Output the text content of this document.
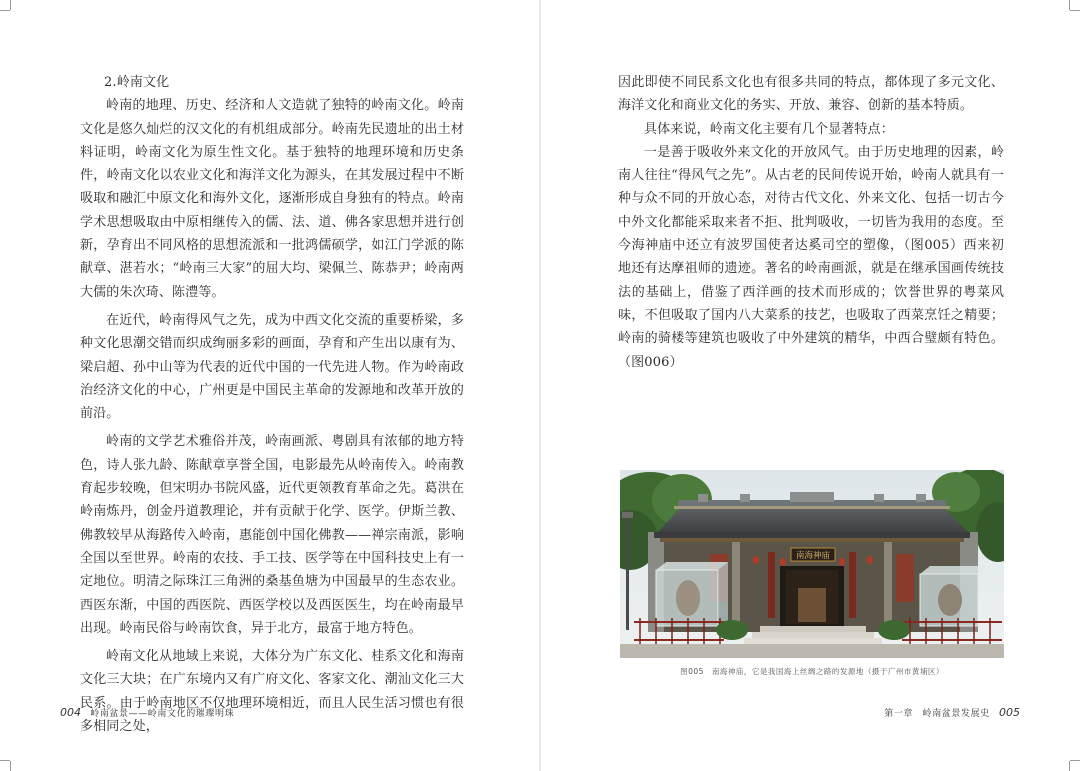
2.岭南文化

岭南的地理、历史、经济和人文造就了独特的岭南文化。岭南文化是悠久灿烂的汉文化的有机组成部分。岭南先民遗址的出土材料证明，岭南文化为原生性文化。基于独特的地理环境和历史条件，岭南文化以农业文化和海洋文化为源头，在其发展过程中不断吸取和融汇中原文化和海外文化，逐渐形成自身独有的特点。岭南学术思想吸取由中原相继传入的儒、法、道、佛各家思想并进行创新，孕育出不同风格的思想流派和一批鸿儒硕学，如江门学派的陈献章、湛若水；“岭南三大家”的屈大均、梁佩兰、陈恭尹；岭南两大儒的朱次琦、陈澧等。

在近代，岭南得风气之先，成为中西文化交流的重要桥梁，多种文化思潮交错而织成绚丽多彩的画面，孕育和产生出以康有为、梁启超、孙中山等为代表的近代中国的一代先进人物。作为岭南政治经济文化的中心，广州更是中国民主革命的发源地和改革开放的前沿。

岭南的文学艺术雅俗并茂，岭南画派、粤剧具有浓郁的地方特色，诗人张九龄、陈献章享誉全国，电影最先从岭南传入。岭南教育起步较晚，但宋明办书院风盛，近代更领教育革命之先。葛洪在岭南炼丹，创金丹道教理论，并有贡献于化学、医学。伊斯兰教、佛教较早从海路传入岭南，惠能创中国化佛教——禅宗南派，影响全国以至世界。岭南的农技、手工技、医学等在中国科技史上有一定地位。明清之际珠江三角洲的桑基鱼塘为中国最早的生态农业。西医东渐，中国的西医院、西医学校以及西医医生，均在岭南最早出现。岭南民俗与岭南饮食，异于北方，最富于地方特色。

岭南文化从地域上来说，大体分为广东文化、桂系文化和海南文化三大块；在广东境内又有广府文化、客家文化、潮汕文化三大民系。由于岭南地区不仅地理环境相近，而且人民生活习惯也有很多相同之处，

004 岭南盆景——岭南文化的璀璨明珠

因此即使不同民系文化也有很多共同的特点，都体现了多元文化、海洋文化和商业文化的务实、开放、兼容、创新的基本特质。

具体来说，岭南文化主要有几个显著特点：

一是善于吸收外来文化的开放风气。由于历史地理的因素，岭南人往往“得风气之先”。从古老的民间传说开始，岭南人就具有一种与众不同的开放心态，对待古代文化、外来文化、包括一切古今中外文化都能采取来者不拒、批判吸收，一切皆为我用的态度。至今海神庙中还立有波罗国使者达奚司空的塑像，（图005）西来初地还有达摩祖师的遗迹。著名的岭南画派，就是在继承国画传统技法的基础上，借鉴了西洋画的技术而形成的；饮誉世界的粤菜风味，不但吸取了国内八大菜系的技艺，也吸取了西菜烹饪之精要；岭南的骑楼等建筑也吸收了中外建筑的精华，中西合璧颇有特色。（图006）

南海神庙
图005　南海神庙，它是我国海上丝绸之路的发源地（摄于广州市黄埔区）
第一章　岭南盆景发展史 005
